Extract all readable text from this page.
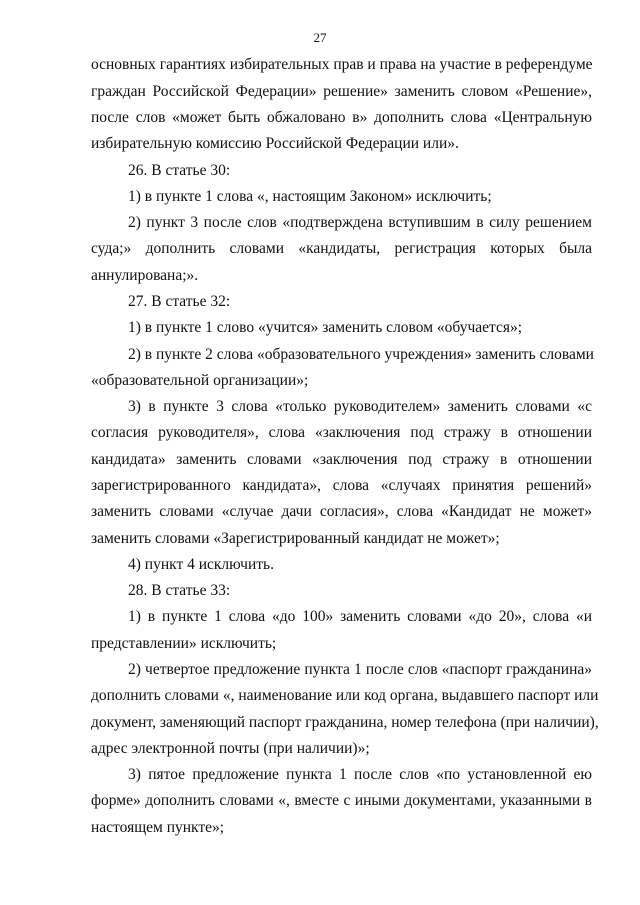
27
основных гарантиях избирательных прав и права на участие в референдуме
граждан Российской Федерации» решение» заменить словом «Решение»,
после слов «может быть обжаловано в» дополнить слова «Центральную
избирательную комиссию Российской Федерации или».
26. В статье 30:
1) в пункте 1 слова «, настоящим Законом» исключить;
2) пункт 3 после слов «подтверждена вступившим в силу решением
суда;» дополнить словами «кандидаты, регистрация которых была
аннулирована;».
27. В статье 32:
1) в пункте 1 слово «учится» заменить словом «обучается»;
2) в пункте 2 слова «образовательного учреждения» заменить словами
«образовательной организации»;
3) в пункте 3 слова «только руководителем» заменить словами «с
согласия руководителя», слова «заключения под стражу в отношении
кандидата» заменить словами «заключения под стражу в отношении
зарегистрированного кандидата», слова «случаях принятия решений»
заменить словами «случае дачи согласия», слова «Кандидат не может»
заменить словами «Зарегистрированный кандидат не может»;
4) пункт 4 исключить.
28. В статье 33:
1) в пункте 1 слова «до 100» заменить словами «до 20», слова «и
представлении» исключить;
2) четвертое предложение пункта 1 после слов «паспорт гражданина»
дополнить словами «, наименование или код органа, выдавшего паспорт или
документ, заменяющий паспорт гражданина, номер телефона (при наличии),
адрес электронной почты (при наличии)»;
3) пятое предложение пункта 1 после слов «по установленной ею
форме» дополнить словами «, вместе с иными документами, указанными в
настоящем пункте»;
